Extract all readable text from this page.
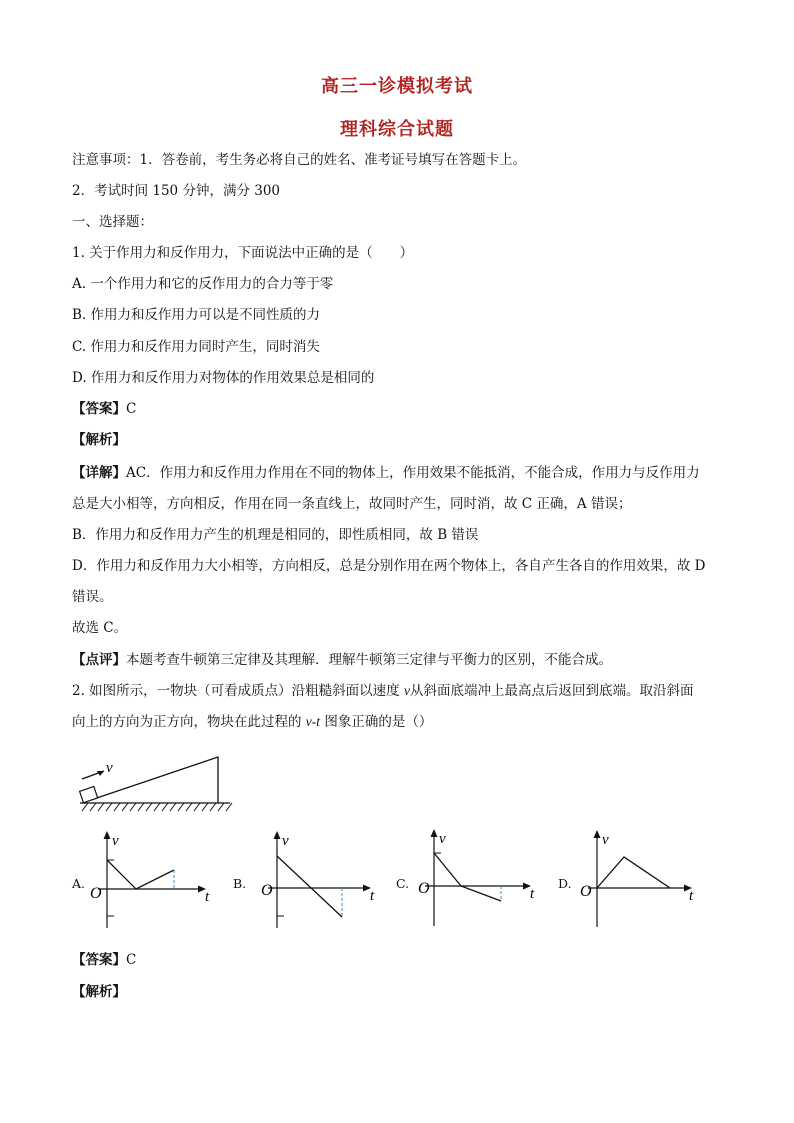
高三一诊模拟考试
理科综合试题
注意事项：1．答卷前，考生务必将自己的姓名、准考证号填写在答题卡上。
2．考试时间 150 分钟，满分 300
一、选择题：
1. 关于作用力和反作用力，下面说法中正确的是（　　）
A. 一个作用力和它的反作用力的合力等于零
B. 作用力和反作用力可以是不同性质的力
C. 作用力和反作用力同时产生，同时消失
D. 作用力和反作用力对物体的作用效果总是相同的
【答案】C
【解析】
【详解】AC．作用力和反作用力作用在不同的物体上，作用效果不能抵消，不能合成，作用力与反作用力
总是大小相等，方向相反，作用在同一条直线上，故同时产生，同时消，故 C 正确，A 错误；
B．作用力和反作用力产生的机理是相同的，即性质相同，故 B 错误
D．作用力和反作用力大小相等，方向相反，总是分别作用在两个物体上，各自产生各自的作用效果，故 D
错误。
故选 C。
【点评】本题考查牛顿第三定律及其理解．理解牛顿第三定律与平衡力的区别，不能合成。
2. 如图所示，一物块（可看成质点）沿粗糙斜面以速度 v从斜面底端冲上最高点后返回到底端。取沿斜面
向上的方向为正方向，物块在此过程的 v-t 图象正确的是（）
v
A.
v
t
O
B.
v
t
O	C.
v
t
O	D.
v
t
O
【答案】C
【解析】
